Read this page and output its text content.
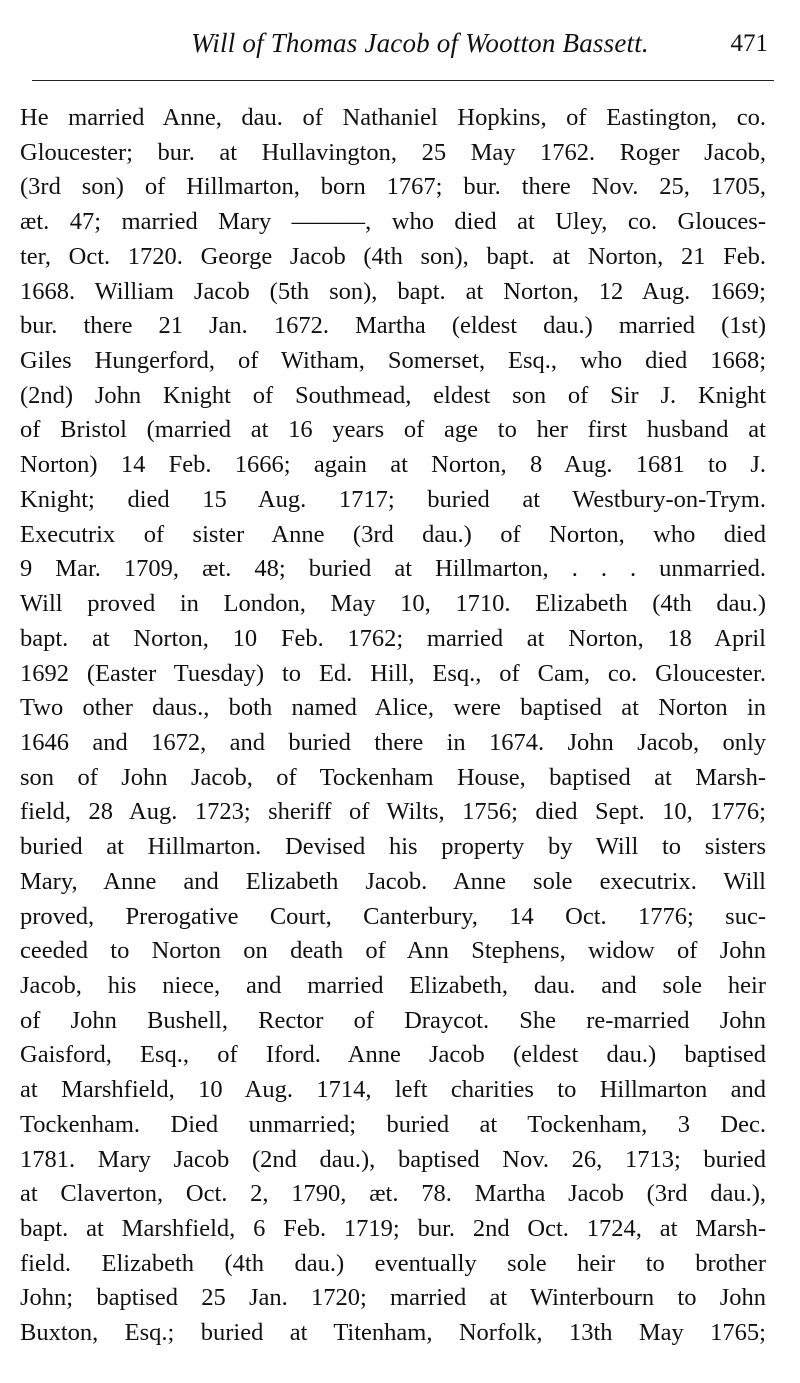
Will of Thomas Jacob of Wootton Bassett.	471
He married Anne, dau. of Nathaniel Hopkins, of Eastington, co.
Gloucester; bur. at Hullavington, 25 May 1762. Roger Jacob,
(3rd son) of Hillmarton, born 1767; bur. there Nov. 25, 1705,
æt. 47; married Mary ———, who died at Uley, co. Glouces-
ter, Oct. 1720. George Jacob (4th son), bapt. at Norton, 21 Feb.
1668. William Jacob (5th son), bapt. at Norton, 12 Aug. 1669;
bur. there 21 Jan. 1672. Martha (eldest dau.) married (1st)
Giles Hungerford, of Witham, Somerset, Esq., who died 1668;
(2nd) John Knight of Southmead, eldest son of Sir J. Knight
of Bristol (married at 16 years of age to her first husband at
Norton) 14 Feb. 1666; again at Norton, 8 Aug. 1681 to J.
Knight; died 15 Aug. 1717; buried at Westbury-on-Trym.
Executrix of sister Anne (3rd dau.) of Norton, who died
9 Mar. 1709, æt. 48; buried at Hillmarton, . . . unmarried.
Will proved in London, May 10, 1710. Elizabeth (4th dau.)
bapt. at Norton, 10 Feb. 1762; married at Norton, 18 April
1692 (Easter Tuesday) to Ed. Hill, Esq., of Cam, co. Gloucester.
Two other daus., both named Alice, were baptised at Norton in
1646 and 1672, and buried there in 1674. John Jacob, only
son of John Jacob, of Tockenham House, baptised at Marsh-
field, 28 Aug. 1723; sheriff of Wilts, 1756; died Sept. 10, 1776;
buried at Hillmarton. Devised his property by Will to sisters
Mary, Anne and Elizabeth Jacob. Anne sole executrix. Will
proved, Prerogative Court, Canterbury, 14 Oct. 1776; suc-
ceeded to Norton on death of Ann Stephens, widow of John
Jacob, his niece, and married Elizabeth, dau. and sole heir
of John Bushell, Rector of Draycot. She re-married John
Gaisford, Esq., of Iford. Anne Jacob (eldest dau.) baptised
at Marshfield, 10 Aug. 1714, left charities to Hillmarton and
Tockenham. Died unmarried; buried at Tockenham, 3 Dec.
1781. Mary Jacob (2nd dau.), baptised Nov. 26, 1713; buried
at Claverton, Oct. 2, 1790, æt. 78. Martha Jacob (3rd dau.),
bapt. at Marshfield, 6 Feb. 1719; bur. 2nd Oct. 1724, at Marsh-
field. Elizabeth (4th dau.) eventually sole heir to brother
John; baptised 25 Jan. 1720; married at Winterbourn to John
Buxton, Esq.; buried at Titenham, Norfolk, 13th May 1765;
